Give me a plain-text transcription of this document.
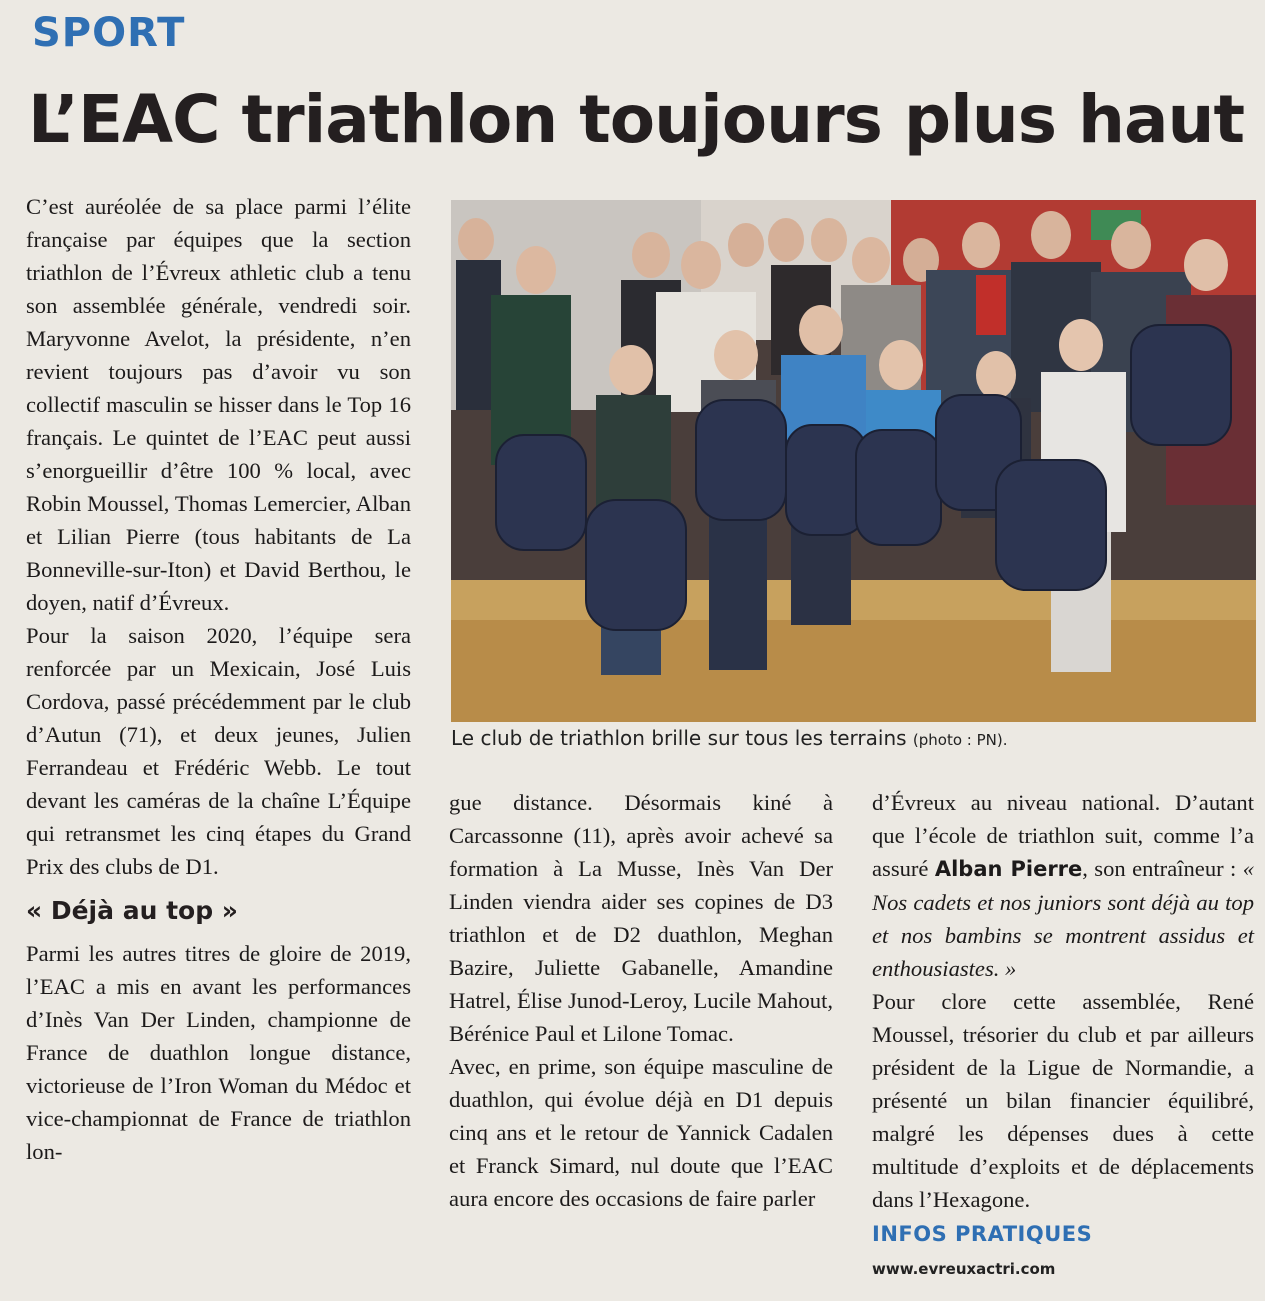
SPORT
L’EAC triathlon toujours plus haut

C’est auréolée de sa place parmi l’élite française par équipes que la section triathlon de l’Évreux athletic club a tenu son assemblée générale, vendredi soir. Maryvonne Avelot, la présidente, n’en revient toujours pas d’avoir vu son collectif masculin se hisser dans le Top 16 français. Le quintet de l’EAC peut aussi s’enorgueillir d’être 100 % local, avec Robin Moussel, Thomas Lemercier, Alban et Lilian Pierre (tous habitants de La Bonneville-sur-Iton) et David Berthou, le doyen, natif d’Évreux.

Pour la saison 2020, l’équipe sera renforcée par un Mexicain, José Luis Cordova, passé précédemment par le club d’Autun (71), et deux jeunes, Julien Ferrandeau et Frédéric Webb. Le tout devant les caméras de la chaîne L’Équipe qui retransmet les cinq étapes du Grand Prix des clubs de D1.

« Déjà au top »

Parmi les autres titres de gloire de 2019, l’EAC a mis en avant les performances d’Inès Van Der Linden, championne de France de duathlon longue distance, victorieuse de l’Iron Woman du Médoc et vice-championnat de France de triathlon lon-

Le club de triathlon brille sur tous les terrains (photo : PN).

gue distance. Désormais kiné à Carcassonne (11), après avoir achevé sa formation à La Musse, Inès Van Der Linden viendra aider ses copines de D3 triathlon et de D2 duathlon, Meghan Bazire, Juliette Gabanelle, Amandine Hatrel, Élise Junod-Leroy, Lucile Mahout, Bérénice Paul et Lilone Tomac.

Avec, en prime, son équipe masculine de duathlon, qui évolue déjà en D1 depuis cinq ans et le retour de Yannick Cadalen et Franck Simard, nul doute que l’EAC aura encore des occasions de faire parler

d’Évreux au niveau national. D’autant que l’école de triathlon suit, comme l’a assuré Alban Pierre, son entraîneur : « Nos cadets et nos juniors sont déjà au top et nos bambins se montrent assidus et enthousiastes. »

Pour clore cette assemblée, René Moussel, trésorier du club et par ailleurs président de la Ligue de Normandie, a présenté un bilan financier équilibré, malgré les dépenses dues à cette multitude d’exploits et de déplacements dans l’Hexagone.

INFOS PRATIQUES
www.evreuxactri.com
